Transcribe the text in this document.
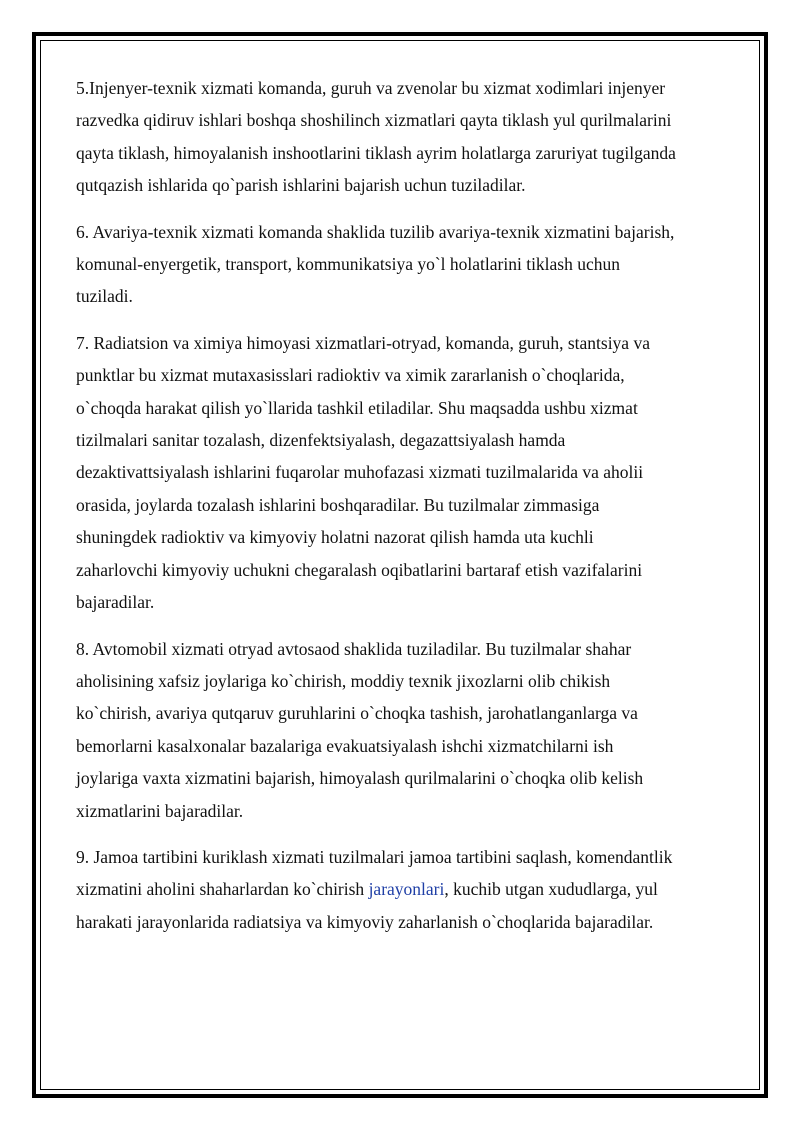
5.Injenyer-texnik xizmati komanda, guruh va zvenolar bu xizmat xodimlari injenyer
razvedka qidiruv ishlari boshqa shoshilinch xizmatlari qayta tiklash yul qurilmalarini
qayta tiklash, himoyalanish inshootlarini tiklash ayrim holatlarga zaruriyat tugilganda
qutqazish ishlarida qo`parish ishlarini bajarish uchun tuziladilar.
6. Avariya-texnik xizmati komanda shaklida tuzilib avariya-texnik xizmatini bajarish,
komunal-enyergetik, transport, kommunikatsiya yo`l holatlarini tiklash uchun
tuziladi.
7. Radiatsion va ximiya himoyasi xizmatlari-otryad, komanda, guruh, stantsiya va
punktlar bu xizmat mutaxasisslari radioktiv va ximik zararlanish o`choqlarida,
o`choqda harakat qilish yo`llarida tashkil etiladilar. Shu maqsadda ushbu xizmat
tizilmalari sanitar tozalash, dizenfektsiyalash, degazattsiyalash hamda
dezaktivattsiyalash ishlarini fuqarolar muhofazasi xizmati tuzilmalarida va aholii
orasida, joylarda tozalash ishlarini boshqaradilar. Bu tuzilmalar zimmasiga
shuningdek radioktiv va kimyoviy holatni nazorat qilish hamda uta kuchli
zaharlovchi kimyoviy uchukni chegaralash oqibatlarini bartaraf etish vazifalarini
bajaradilar.
8. Avtomobil xizmati otryad avtosaod shaklida tuziladilar. Bu tuzilmalar shahar
aholisining xafsiz joylariga ko`chirish, moddiy texnik jixozlarni olib chikish
ko`chirish, avariya qutqaruv guruhlarini o`choqka tashish, jarohatlanganlarga va
bemorlarni kasalxonalar bazalariga evakuatsiyalash ishchi xizmatchilarni ish
joylariga vaxta xizmatini bajarish, himoyalash qurilmalarini o`choqka olib kelish
xizmatlarini bajaradilar.
9. Jamoa tartibini kuriklash xizmati tuzilmalari jamoa tartibini saqlash, komendantlik
xizmatini aholini shaharlardan ko`chirish jarayonlari, kuchib utgan xududlarga, yul
harakati jarayonlarida radiatsiya va kimyoviy zaharlanish o`choqlarida bajaradilar.
